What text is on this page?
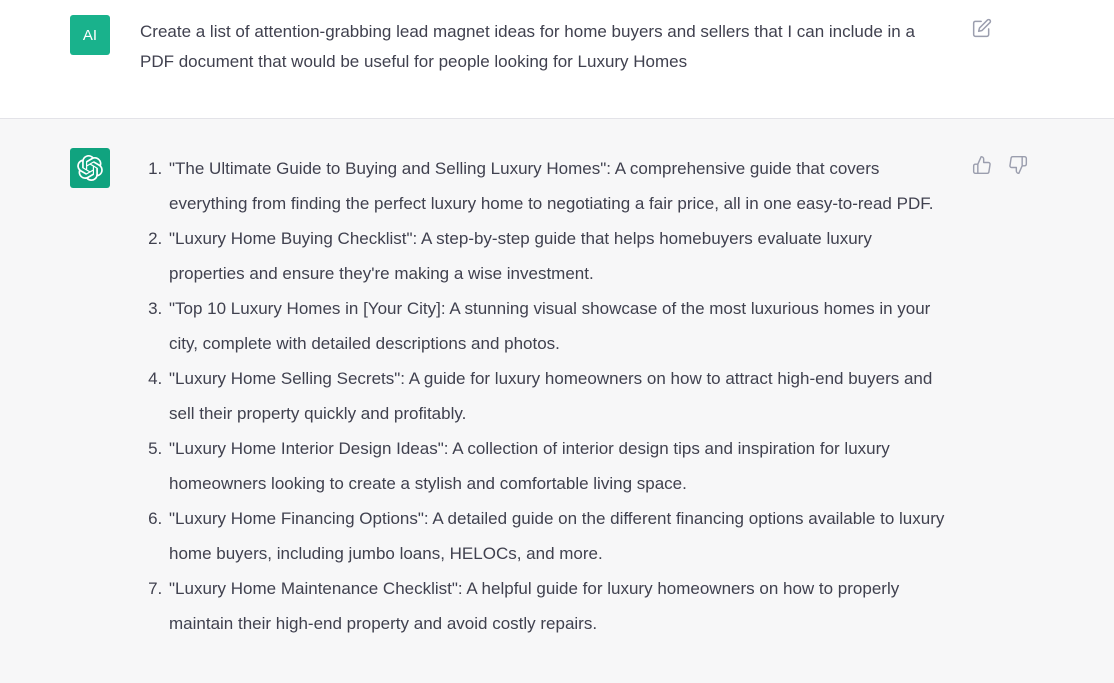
AI	Create a list of attention-grabbing lead magnet ideas for home buyers and sellers that I can include in a PDF document that would be useful for people looking for Luxury Homes
1. "The Ultimate Guide to Buying and Selling Luxury Homes": A comprehensive guide that covers everything from finding the perfect luxury home to negotiating a fair price, all in one easy-to-read PDF.
2. "Luxury Home Buying Checklist": A step-by-step guide that helps homebuyers evaluate luxury properties and ensure they're making a wise investment.
3. "Top 10 Luxury Homes in [Your City]: A stunning visual showcase of the most luxurious homes in your city, complete with detailed descriptions and photos.
4. "Luxury Home Selling Secrets": A guide for luxury homeowners on how to attract high-end buyers and sell their property quickly and profitably.
5. "Luxury Home Interior Design Ideas": A collection of interior design tips and inspiration for luxury homeowners looking to create a stylish and comfortable living space.
6. "Luxury Home Financing Options": A detailed guide on the different financing options available to luxury home buyers, including jumbo loans, HELOCs, and more.
7. "Luxury Home Maintenance Checklist": A helpful guide for luxury homeowners on how to properly maintain their high-end property and avoid costly repairs.
